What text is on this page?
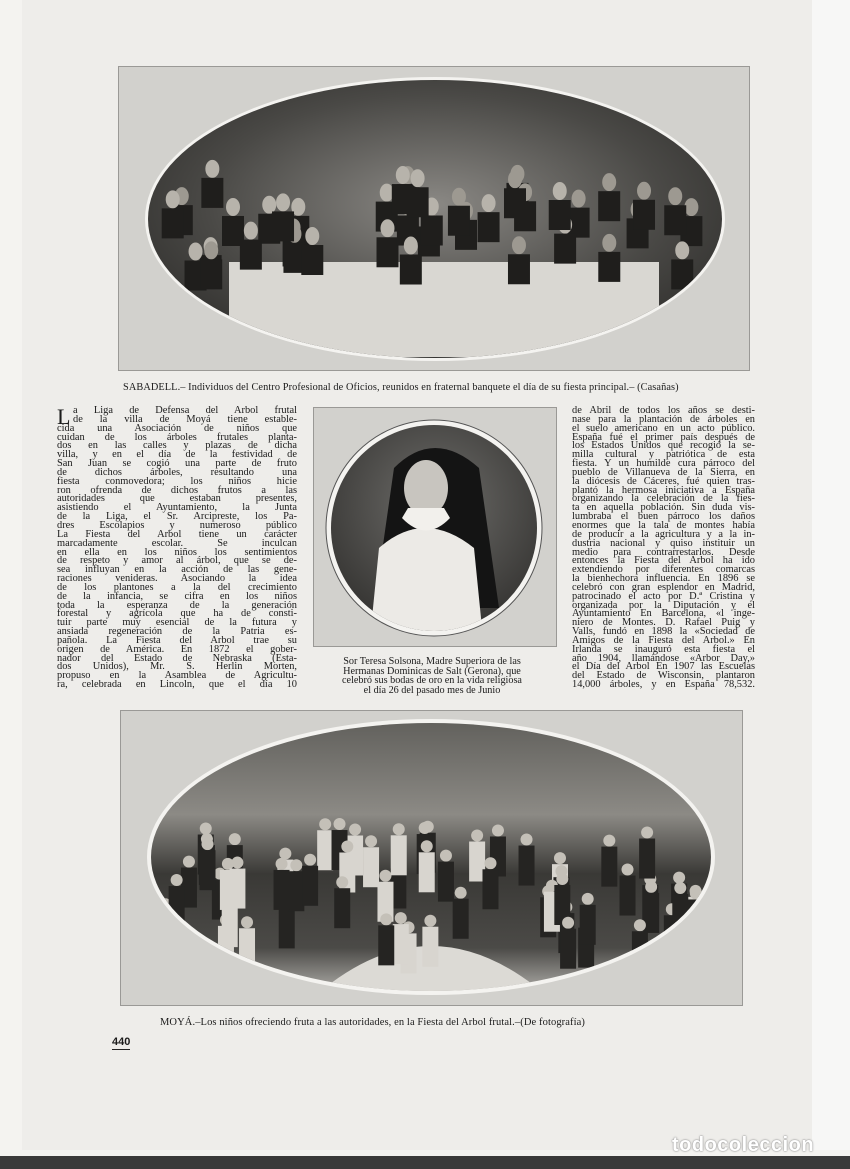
SABADELL.– Individuos del Centro Profesional de Oficios, reunidos en fraternal banquete el día de su fiesta principal.– (Casañas)
L a Liga de Defensa del Arbol frutal
de la villa de Moyá tiene estable-
cida una Asociación de niños que
cuidan de los árboles frutales planta-
dos en las calles y plazas de dicha
villa, y en el día de la festividad de
San Juan se cogió una parte de fruto
de dichos árboles, resultando una
fiesta conmovedora; los niños hicie
ron ofrenda de dichos frutos a las
autoridades que estaban presentes,
asistiendo el Ayuntamiento, la Junta
de la Liga, el Sr. Arcipreste, los Pa-
dres Escolapios y numeroso público
La Fiesta del Arbol tiene un carácter
marcadamente escolar. Se inculcan
en ella en los niños los sentimientos
de respeto y amor al árbol, que se de-
sea influyan en la acción de las gene-
raciones venideras. Asociando la idea
de los plantones a la del crecimiento
de la infancia, se cifra en los niños
toda la esperanza de la generación
forestal y agrícola que ha de consti-
tuir parte muy esencial de la futura y
ansiada regeneración de la Patria es-
pañola. La Fiesta del Arbol trae su
origen de América. En 1872 el gober-
nador del Estado de Nebraska (Esta-
dos Unidos), Mr. S. Herlin Morten,
propuso en la Asamblea de Agricultu-
ra, celebrada en Lincoln, que el día 10
Sor Teresa Solsona, Madre Superiora de las
Hermanas Dominicas de Salt (Gerona), que
celebró sus bodas de oro en la vida religiosa
el día 26 del pasado mes de Junio
de Abril de todos los años se desti-
nase para la plantación de árboles en
el suelo americano en un acto público.
España fué el primer país después de
los Estados Unidos que recogió la se-
milla cultural y patriótica de esta
fiesta. Y un humilde cura párroco del
pueblo de Villanueva de la Sierra, en
la diócesis de Cáceres, fué quien tras-
plantó la hermosa iniciativa a España
organizando la celebración de la fies-
ta en aquella población. Sin duda vis-
lumbraba el buen párroco los daños
enormes que la tala de montes había
de producir a la agricultura y a la in-
dustria nacional y quiso instituir un
medio para contrarrestarlos. Desde
entonces la Fiesta del Arbol ha ido
extendiendo por diferentes comarcas
la bienhechora influencia. En 1896 se
celebró con gran esplendor en Madrid,
patrocinado el acto por D.ª Cristina y
organizada por la Diputación y el
Ayuntamiento En Barcelona, «l inge-
niero de Montes. D. Rafael Puig y
Valls, fundó en 1898 la «Sociedad de
Amigos de la Fiesta del Arbol.» En
Irlanda se inauguró esta fiesta el
año 1904, llamándose «Arbor Day,»
el Día del Arbol En 1907 las Escuelas
del Estado de Wisconsin, plantaron
14,000 árboles, y en España 78,532.
MOYÁ.–Los niños ofreciendo fruta a las autoridades, en la Fiesta del Arbol frutal.–(De fotografía)
440
todocoleccion
